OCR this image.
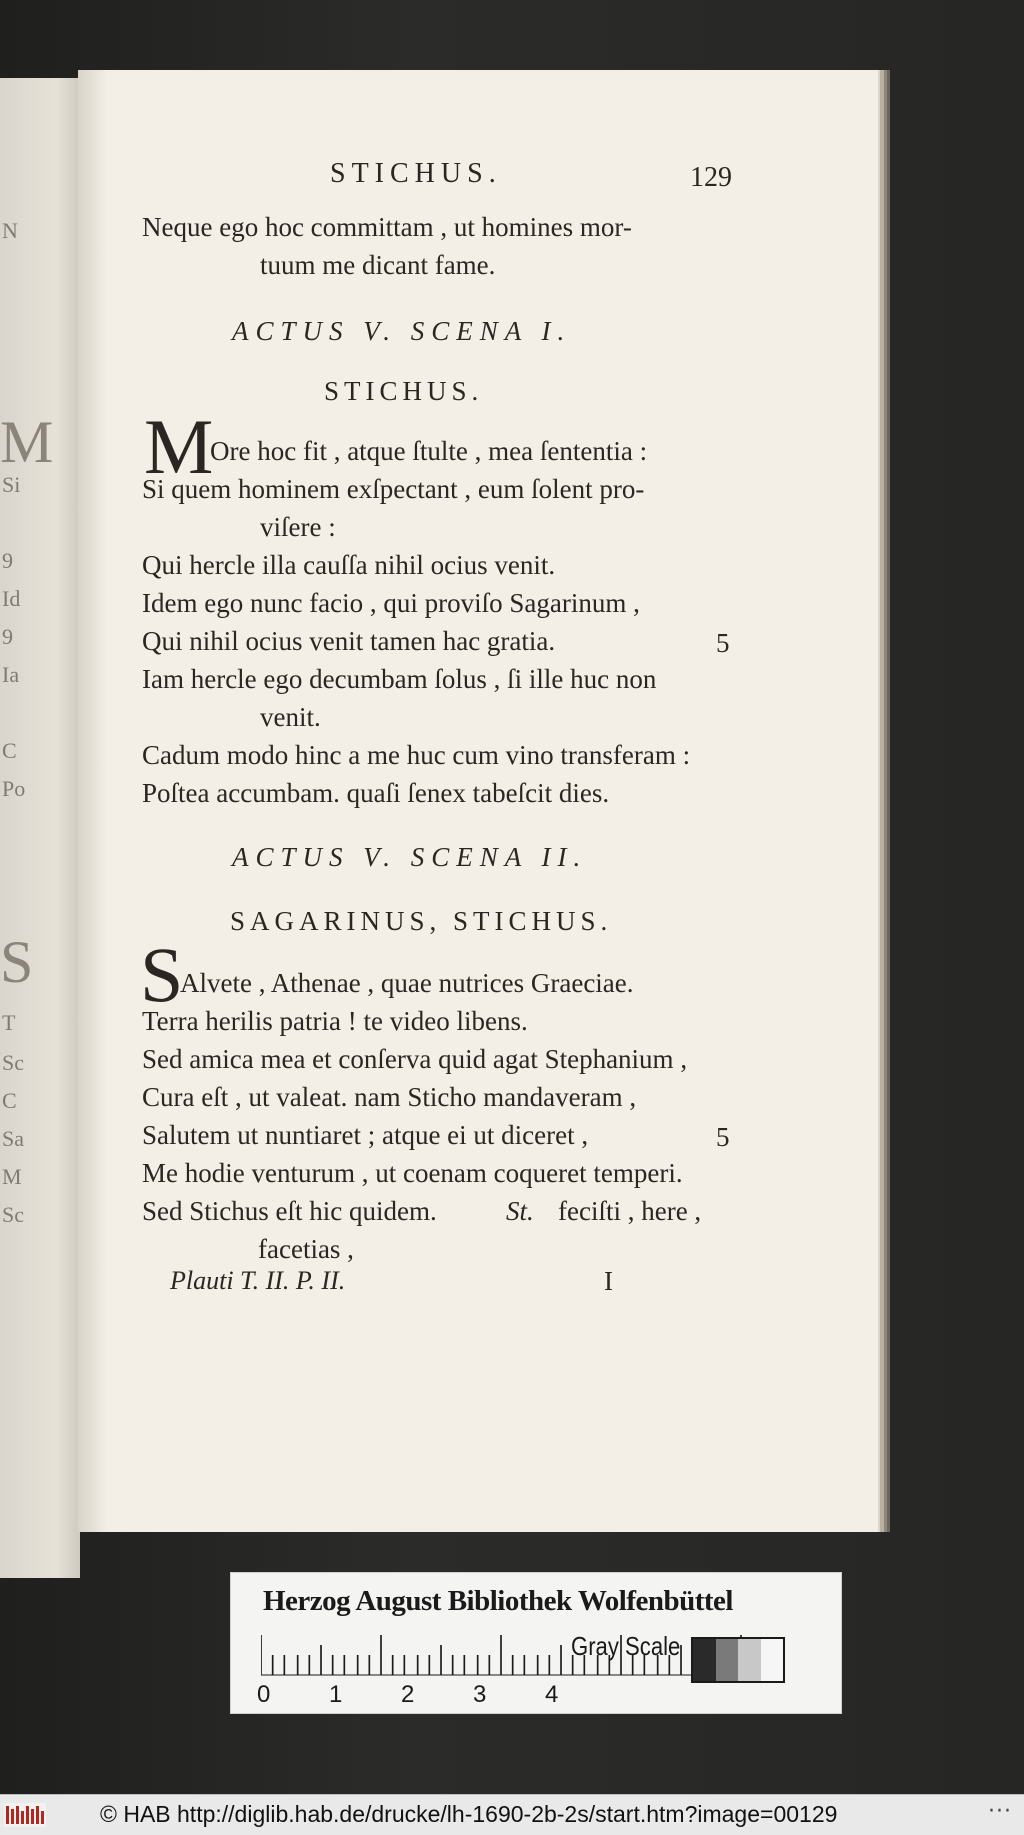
N
M
Si
9
Id
9
Ia
C
Po
S
T
Sc
C
Sa
M
Sc
STICHUS.	129
Neque ego hoc committam , ut homines mor-
tuum me dicant fame.
ACTUS V. SCENA I.
STICHUS.
M
Ore hoc fit , atque ſtulte , mea ſententia :
Si quem hominem exſpectant , eum ſolent pro-
viſere :
Qui hercle illa cauſſa nihil ocius venit.
Idem ego nunc facio , qui proviſo Sagarinum ,
Qui nihil ocius venit tamen hac gratia.	5
Iam hercle ego decumbam ſolus , ſi ille huc non
venit.
Cadum modo hinc a me huc cum vino transferam :
Poſtea accumbam. quaſi ſenex tabeſcit dies.
ACTUS V. SCENA II.
SAGARINUS, STICHUS.
S
Alvete , Athenae , quae nutrices Graeciae.
Terra herilis patria ! te video libens.
Sed amica mea et conſerva quid agat Stephanium ,
Cura eſt , ut valeat. nam Sticho mandaveram ,
Salutem ut nuntiaret ; atque ei ut diceret ,	5
Me hodie venturum , ut coenam coqueret temperi.
Sed Stichus eſt hic quidem.	St. feciſti , here ,
facetias ,
Plauti T. II. P. II.	I
Herzog August Bibliothek Wolfenbüttel
0 1 2 3 4
Gray Scale
© HAB http://diglib.hab.de/drucke/lh-1690-2b-2s/start.htm?image=00129	···
